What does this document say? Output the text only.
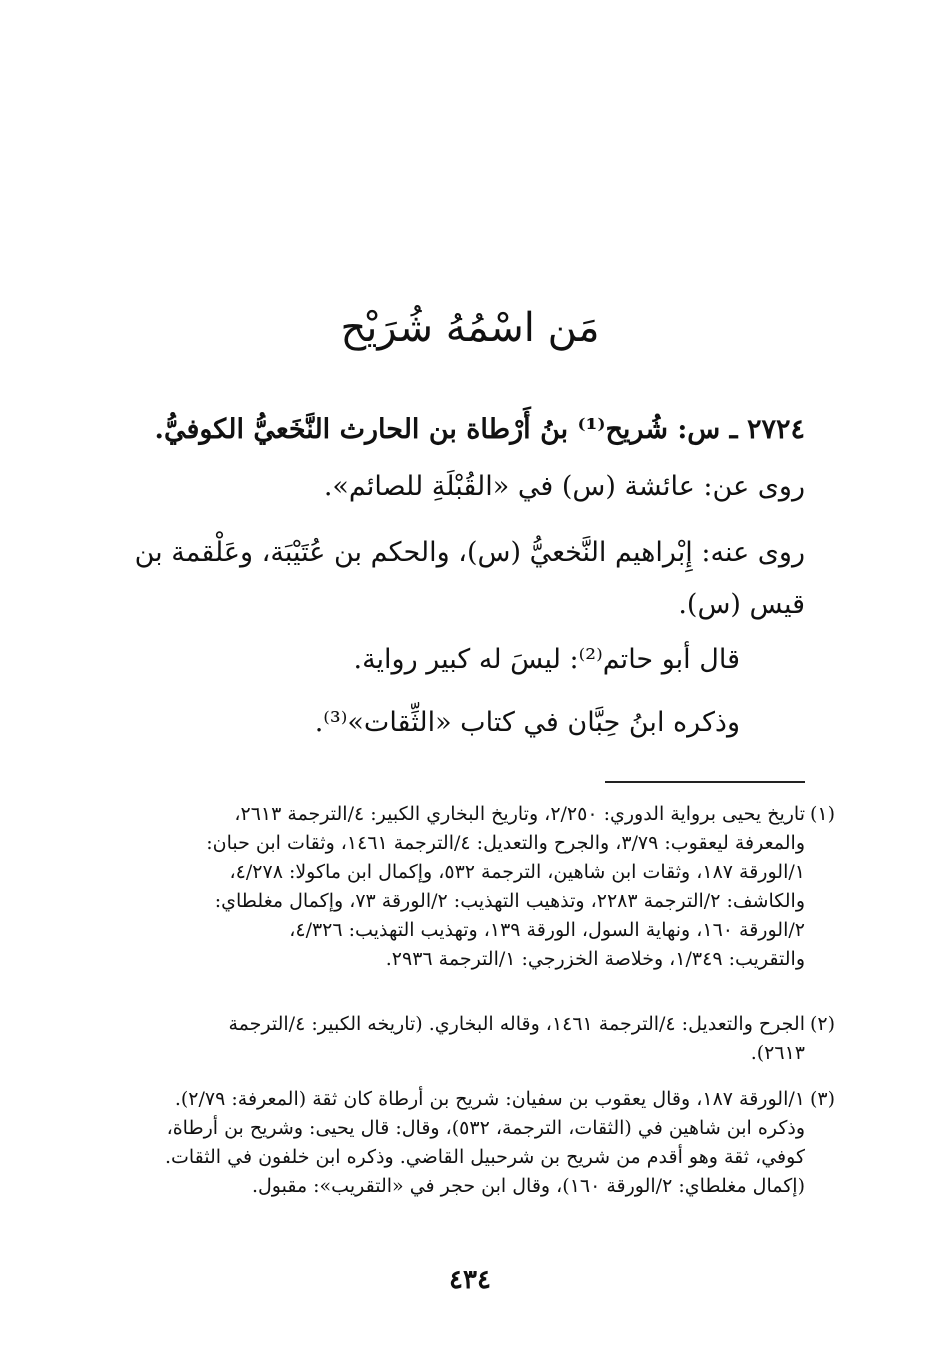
مَن اسْمُهُ شُرَيْح
٢٧٢٤ ـ س: شُريح⁽¹⁾ بنُ أَرْطاة بن الحارث النَّخَعيُّ الكوفيُّ.
روى عن: عائشة (س) في «القُبْلَةِ للصائم».
روى عنه: إِبْراهيم النَّخعيُّ (س)، والحكم بن عُتَيْبَة، وعَلْقمة بن
قيس (س).
قال أبو حاتم⁽²⁾: ليسَ له كبير رواية.
وذكره ابنُ حِبَّان في كتاب «الثِّقات»⁽³⁾.
(١)
تاريخ يحيى برواية الدوري: ٢/٢٥٠، وتاريخ البخاري الكبير: ٤/الترجمة ٢٦١٣،
والمعرفة ليعقوب: ٣/٧٩، والجرح والتعديل: ٤/الترجمة ١٤٦١، وثقات ابن حبان:
١/الورقة ١٨٧، وثقات ابن شاهين، الترجمة ٥٣٢، وإكمال ابن ماكولا: ٤/٢٧٨،
والكاشف: ٢/الترجمة ٢٢٨٣، وتذهيب التهذيب: ٢/الورقة ٧٣، وإكمال مغلطاي:
٢/الورقة ١٦٠، ونهاية السول، الورقة ١٣٩، وتهذيب التهذيب: ٤/٣٢٦،
والتقريب: ١/٣٤٩، وخلاصة الخزرجي: ١/الترجمة ٢٩٣٦.
(٢)
الجرح والتعديل: ٤/الترجمة ١٤٦١، وقاله البخاري. (تاريخه الكبير: ٤/الترجمة
٢٦١٣).
(٣)
١/الورقة ١٨٧، وقال يعقوب بن سفيان: شريح بن أرطاة كان ثقة (المعرفة: ٢/٧٩).
وذكره ابن شاهين في (الثقات، الترجمة، ٥٣٢)، وقال: قال يحيى: وشريح بن أرطاة،
كوفي، ثقة وهو أقدم من شريح بن شرحبيل القاضي. وذكره ابن خلفون في الثقات.
(إكمال مغلطاي: ٢/الورقة ١٦٠)، وقال ابن حجر في «التقريب»: مقبول.
٤٣٤
